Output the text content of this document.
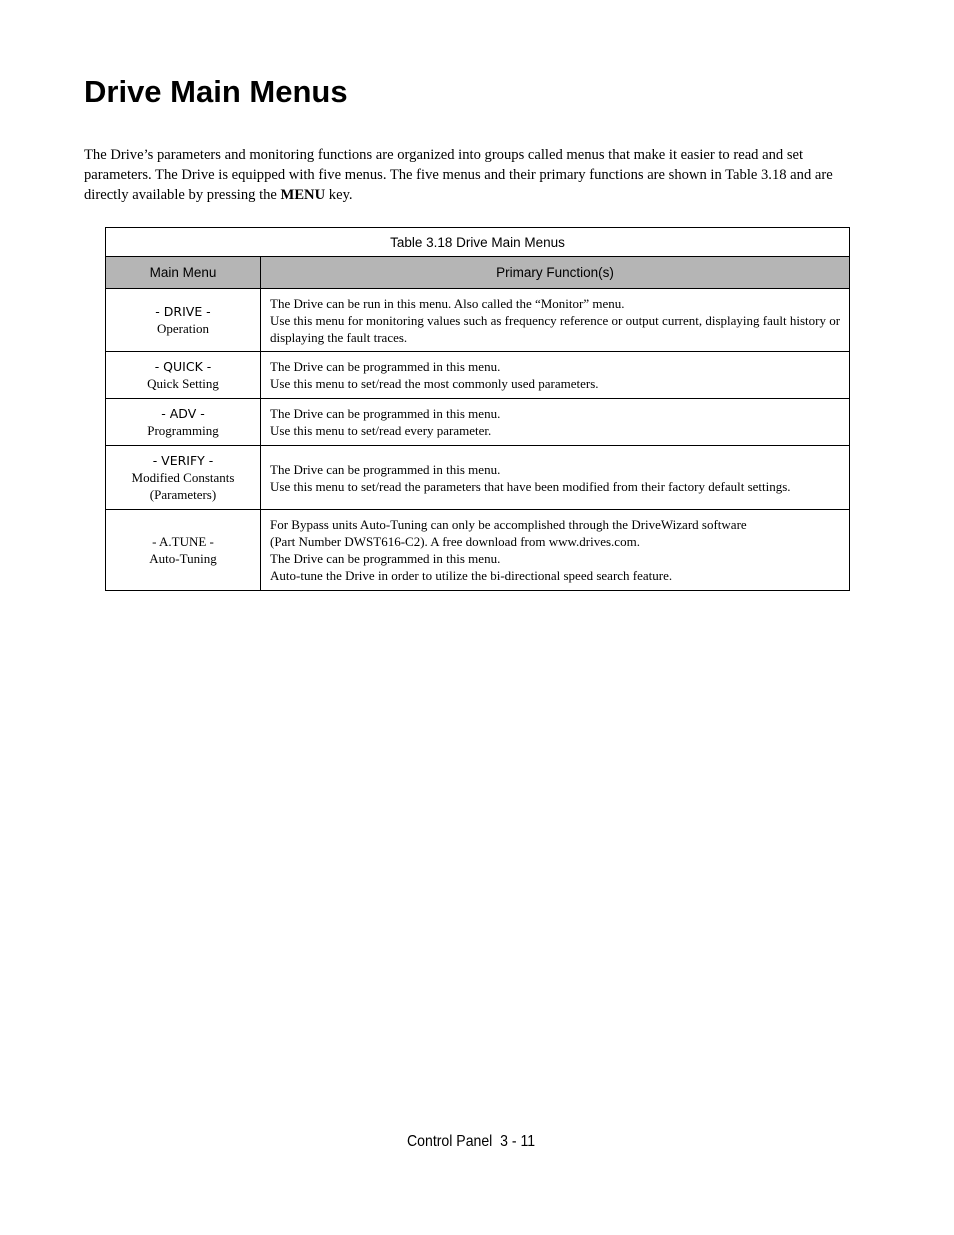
Drive Main Menus

The Drive’s parameters and monitoring functions are organized into groups called menus that make it easier to read and set parameters. The Drive is equipped with five menus. The five menus and their primary functions are shown in Table 3.18 and are directly available by pressing the MENU key.

Table 3.18 Drive Main Menus	
Main Menu	Primary Function(s)

- DRIVE -
Operation	The Drive can be run in this menu. Also called the “Monitor” menu.
Use this menu for monitoring values such as frequency reference or output current, displaying fault history or displaying the fault traces.

- QUICK -
Quick Setting	The Drive can be programmed in this menu.
Use this menu to set/read the most commonly used parameters.

- ADV -
Programming	The Drive can be programmed in this menu.
Use this menu to set/read every parameter.

- VERIFY -
Modified Constants
(Parameters)	The Drive can be programmed in this menu.
Use this menu to set/read the parameters that have been modified from their factory default settings.

- A.TUNE -
Auto-Tuning	For Bypass units Auto-Tuning can only be accomplished through the DriveWizard software
(Part Number DWST616-C2). A free download from www.drives.com.
The Drive can be programmed in this menu.
Auto-tune the Drive in order to utilize the bi-directional speed search feature.
Control Panel  3 - 11
